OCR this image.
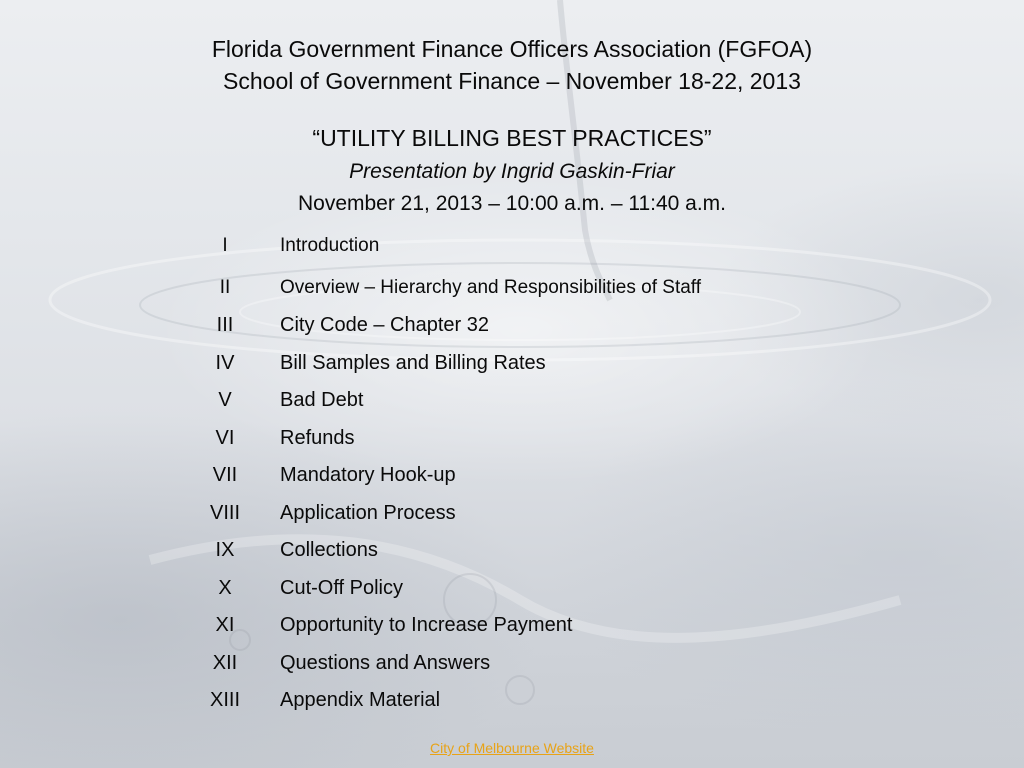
Florida Government Finance Officers Association (FGFOA)
School of Government Finance – November 18-22, 2013
“UTILITY BILLING BEST PRACTICES”
Presentation by Ingrid Gaskin-Friar
November 21, 2013 – 10:00 a.m. – 11:40 a.m.
I	Introduction
II	Overview – Hierarchy and Responsibilities of Staff
III	City Code – Chapter 32
IV	Bill Samples and Billing Rates
V	Bad Debt
VI	Refunds
VII	Mandatory Hook-up
VIII	Application Process
IX	Collections
X	Cut-Off Policy
XI	Opportunity to Increase Payment
XII	Questions and Answers
XIII	Appendix Material
City of Melbourne Website
